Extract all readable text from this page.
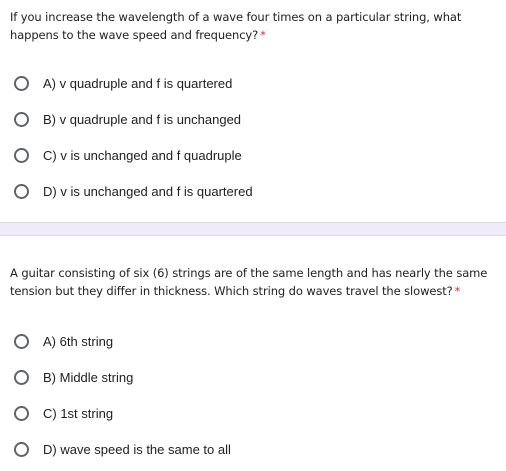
If you increase the wavelength of a wave four times on a particular string, what happens to the wave speed and frequency? *
A) v quadruple and f is quartered
B) v quadruple and f is unchanged
C) v is unchanged and f quadruple
D) v is unchanged and f is quartered
A guitar consisting of six (6) strings are of the same length and has nearly the same tension but they differ in thickness. Which string do waves travel the slowest? *
A) 6th string
B) Middle string
C) 1st string
D) wave speed is the same to all
